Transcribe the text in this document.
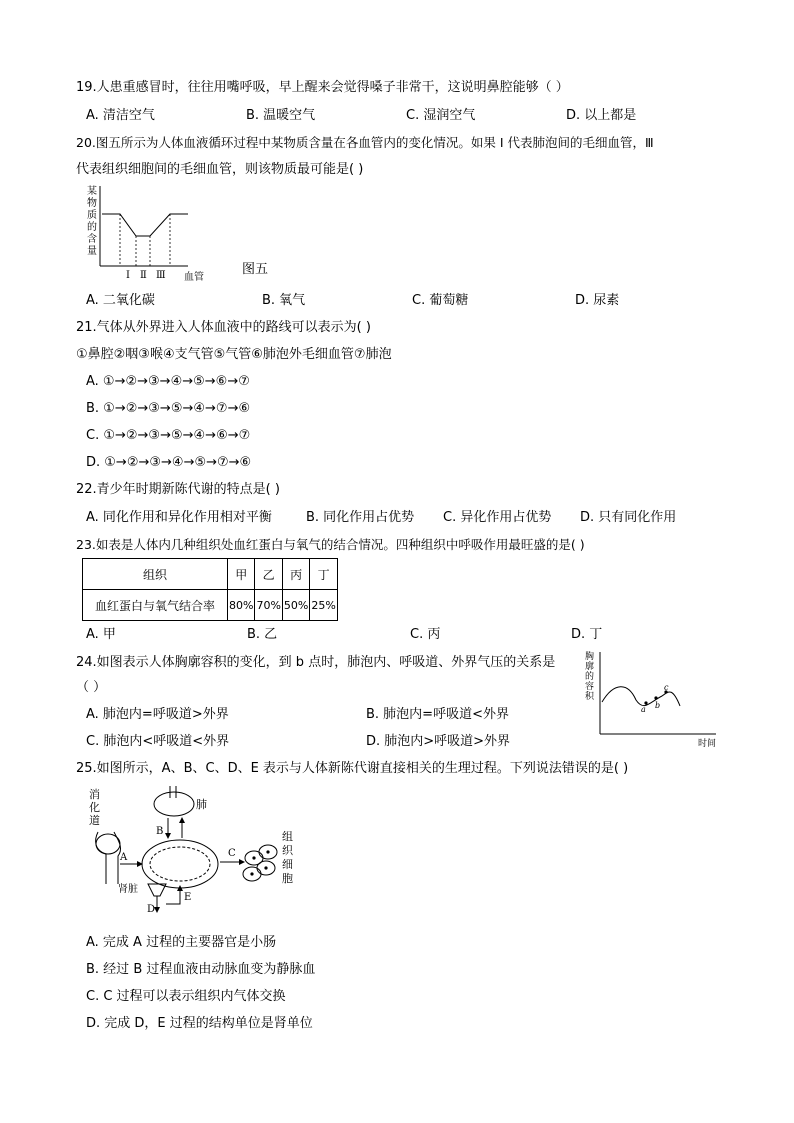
19.人患重感冒时，往往用嘴呼吸，早上醒来会觉得嗓子非常干，这说明鼻腔能够（ ）
A. 清洁空气	B. 温暖空气	C. 湿润空气	D. 以上都是
20.图五所示为人体血液循环过程中某物质含量在各血管内的变化情况。如果 I 代表肺泡间的毛细血管，Ⅲ
代表组织细胞间的毛细血管，则该物质最可能是( )
某
物
质
的
含
量
Ⅰ Ⅱ Ⅲ 血管
图五
A. 二氧化碳	B. 氧气	C. 葡萄糖	D. 尿素
21.气体从外界进入人体血液中的路线可以表示为( )
①鼻腔②咽③喉④支气管⑤气管⑥肺泡外毛细血管⑦肺泡
A. ①→②→③→④→⑤→⑥→⑦
B. ①→②→③→⑤→④→⑦→⑥
C. ①→②→③→⑤→④→⑥→⑦
D. ①→②→③→④→⑤→⑦→⑥
22.青少年时期新陈代谢的特点是( )
A. 同化作用和异化作用相对平衡	B. 同化作用占优势 C. 异化作用占优势 D. 只有同化作用
23.如表是人体内几种组织处血红蛋白与氧气的结合情况。四种组织中呼吸作用最旺盛的是( )
组织	甲	乙	丙	丁
血红蛋白与氧气结合率	80%	70%	50%	25%
A. 甲	B. 乙	C. 丙	D. 丁
24.如图表示人体胸廓容积的变化，到 b 点时，肺泡内、呼吸道、外界气压的关系是
（ ）
A. 肺泡内=呼吸道>外界	B. 肺泡内=呼吸道<外界
C. 肺泡内<呼吸道<外界	D. 肺泡内>呼吸道>外界
胸
廓
的
容
积
a b
c
时间
25.如图所示，A、B、C、D、E 表示与人体新陈代谢直接相关的生理过程。下列说法错误的是( )
消
化
道
A
肺
B
C
组
织
细
胞
肾脏
D
E
A. 完成 A 过程的主要器官是小肠
B. 经过 B 过程血液由动脉血变为静脉血
C. C 过程可以表示组织内气体交换
D. 完成 D，E 过程的结构单位是肾单位
